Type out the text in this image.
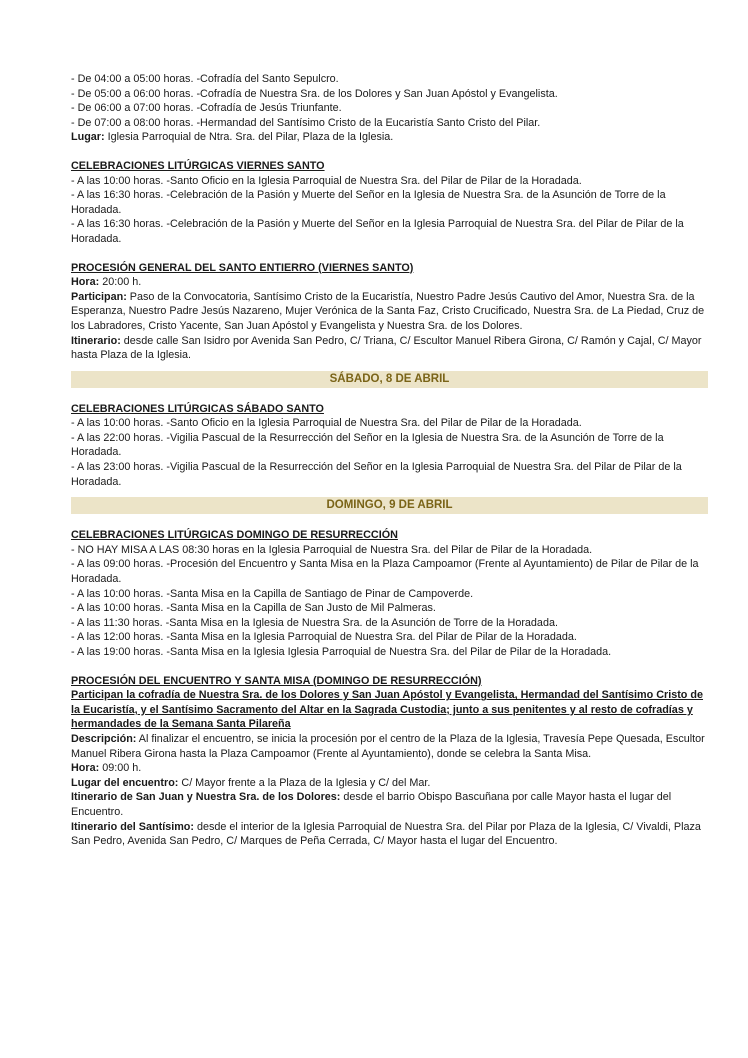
- De 04:00 a 05:00 horas. -Cofradía del Santo Sepulcro.

- De 05:00 a 06:00 horas. -Cofradía de Nuestra Sra. de los Dolores y San Juan Apóstol y Evangelista.

- De 06:00 a 07:00 horas. -Cofradía de Jesús Triunfante.

- De 07:00 a 08:00 horas. -Hermandad del Santísimo Cristo de la Eucaristía Santo Cristo del Pilar.

Lugar: Iglesia Parroquial de Ntra. Sra. del Pilar, Plaza de la Iglesia.

CELEBRACIONES LITÚRGICAS VIERNES SANTO

- A las 10:00 horas. -Santo Oficio en la Iglesia Parroquial de Nuestra Sra. del Pilar de Pilar de la Horadada.

- A las 16:30 horas. -Celebración de la Pasión y Muerte del Señor en la Iglesia de Nuestra Sra. de la Asunción de Torre de la Horadada.

- A las 16:30 horas. -Celebración de la Pasión y Muerte del Señor en la Iglesia Parroquial de Nuestra Sra. del Pilar de Pilar de la Horadada.

PROCESIÓN GENERAL DEL SANTO ENTIERRO (VIERNES SANTO)

Hora: 20:00 h.

Participan: Paso de la Convocatoria, Santísimo Cristo de la Eucaristía, Nuestro Padre Jesús Cautivo del Amor, Nuestra Sra. de la Esperanza, Nuestro Padre Jesús Nazareno, Mujer Verónica de la Santa Faz, Cristo Crucificado, Nuestra Sra. de La Piedad, Cruz de los Labradores, Cristo Yacente, San Juan Apóstol y Evangelista y Nuestra Sra. de los Dolores.

Itinerario: desde calle San Isidro por Avenida San Pedro, C/ Triana, C/ Escultor Manuel Ribera Girona, C/ Ramón y Cajal, C/ Mayor hasta Plaza de la Iglesia.

SÁBADO, 8 DE ABRIL

CELEBRACIONES LITÚRGICAS SÁBADO SANTO

- A las 10:00 horas. -Santo Oficio en la Iglesia Parroquial de Nuestra Sra. del Pilar de Pilar de la Horadada.

- A las 22:00 horas. -Vigilia Pascual de la Resurrección del Señor en la Iglesia de Nuestra Sra. de la Asunción de Torre de la Horadada.

- A las 23:00 horas. -Vigilia Pascual de la Resurrección del Señor en la Iglesia Parroquial de Nuestra Sra. del Pilar de Pilar de la Horadada.

DOMINGO, 9 DE ABRIL

CELEBRACIONES LITÚRGICAS DOMINGO DE RESURRECCIÓN

- NO HAY MISA A LAS 08:30 horas en la Iglesia Parroquial de Nuestra Sra. del Pilar de Pilar de la Horadada.

- A las 09:00 horas. -Procesión del Encuentro y Santa Misa en la Plaza Campoamor (Frente al Ayuntamiento) de Pilar de Pilar de la Horadada.

- A las 10:00 horas. -Santa Misa en la Capilla de Santiago de Pinar de Campoverde.

- A las 10:00 horas. -Santa Misa en la Capilla de San Justo de Mil Palmeras.

- A las 11:30 horas. -Santa Misa en la Iglesia de Nuestra Sra. de la Asunción de Torre de la Horadada.

- A las 12:00 horas. -Santa Misa en la Iglesia Parroquial de Nuestra Sra. del Pilar de Pilar de la Horadada.

- A las 19:00 horas. -Santa Misa en la Iglesia Iglesia Parroquial de Nuestra Sra. del Pilar de Pilar de la Horadada.

PROCESIÓN DEL ENCUENTRO Y SANTA MISA (DOMINGO DE RESURRECCIÓN)

Participan la cofradía de Nuestra Sra. de los Dolores y San Juan Apóstol y Evangelista, Hermandad del Santísimo Cristo de la Eucaristía, y el Santísimo Sacramento del Altar en la Sagrada Custodia; junto a sus penitentes y al resto de cofradías y hermandades de la Semana Santa Pilareña

Descripción: Al finalizar el encuentro, se inicia la procesión por el centro de la Plaza de la Iglesia, Travesía Pepe Quesada, Escultor Manuel Ribera Girona hasta la Plaza Campoamor (Frente al Ayuntamiento), donde se celebra la Santa Misa.

Hora: 09:00 h.

Lugar del encuentro: C/ Mayor frente a la Plaza de la Iglesia y C/ del Mar.

Itinerario de San Juan y Nuestra Sra. de los Dolores: desde el barrio Obispo Bascuñana por calle Mayor hasta el lugar del Encuentro.

Itinerario del Santísimo: desde el interior de la Iglesia Parroquial de Nuestra Sra. del Pilar por Plaza de la Iglesia, C/ Vivaldi, Plaza San Pedro, Avenida San Pedro, C/ Marques de Peña Cerrada, C/ Mayor hasta el lugar del Encuentro.
